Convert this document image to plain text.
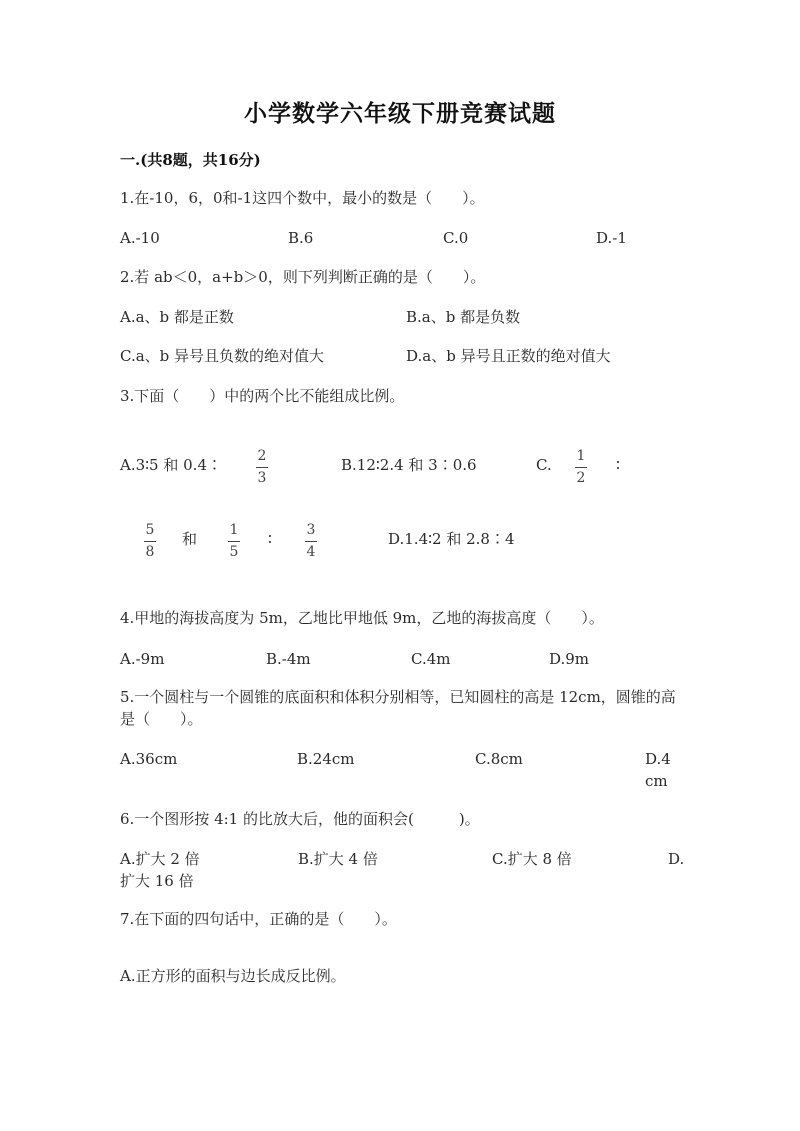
小学数学六年级下册竞赛试题
一.(共8题，共16分)
1.在-10，6，0和-1这四个数中，最小的数是（　　）。
A.-10	B.6	C.0	D.-1
2.若 ab＜0，a+b＞0，则下列判断正确的是（　　）。
A.a、b 都是正数	B.a、b 都是负数
C.a、b 异号且负数的绝对值大	D.a、b 异号且正数的绝对值大
3.下面（　　）中的两个比不能组成比例。
A.3∶5 和 0.4∶	2
3
B.12∶2.4 和 3∶0.6	C. 1
2
∶
5
8
和 1
5
∶ 3
4
D.1.4∶2 和 2.8∶4
4.甲地的海拔高度为 5m，乙地比甲地低 9m，乙地的海拔高度（　　）。
A.-9m	B.-4m	C.4m	D.9m
5.一个圆柱与一个圆锥的底面积和体积分别相等，已知圆柱的高是 12cm，圆锥的高是（　　）。
A.36cm	B.24cm	C.8cm	D.4cm
6.一个图形按 4:1 的比放大后，他的面积会(　　　)。
A.扩大 2 倍	B.扩大 4 倍	C.扩大 8 倍	D.扩大 16 倍
7.在下面的四句话中，正确的是（　　）。
A.正方形的面积与边长成反比例。
